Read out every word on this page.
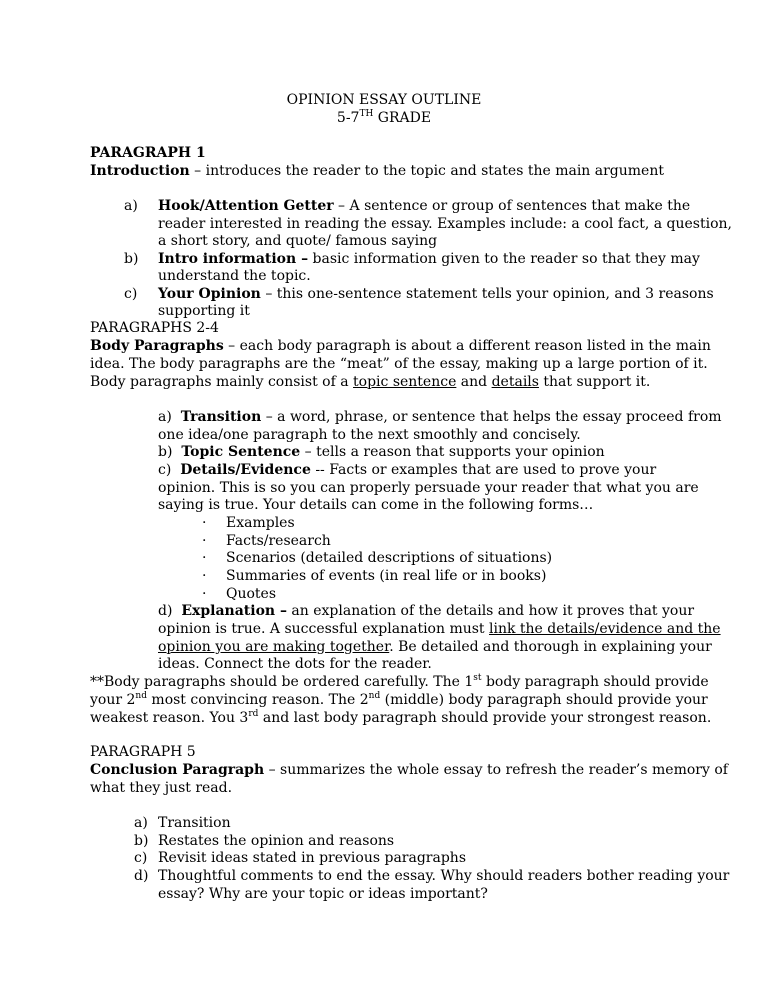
OPINION ESSAY OUTLINE
5-7TH GRADE
PARAGRAPH 1
Introduction – introduces the reader to the topic and states the main argument
a) Hook/Attention Getter – A sentence or group of sentences that make the
reader interested in reading the essay. Examples include: a cool fact, a question,
a short story, and quote/ famous saying
b) Intro information – basic information given to the reader so that they may
understand the topic.
c) Your Opinion – this one-sentence statement tells your opinion, and 3 reasons
supporting it
PARAGRAPHS 2-4
Body Paragraphs – each body paragraph is about a different reason listed in the main
idea. The body paragraphs are the “meat” of the essay, making up a large portion of it.
Body paragraphs mainly consist of a topic sentence and details that support it.
a) Transition – a word, phrase, or sentence that helps the essay proceed from
one idea/one paragraph to the next smoothly and concisely.
b) Topic Sentence – tells a reason that supports your opinion
c) Details/Evidence -- Facts or examples that are used to prove your
opinion. This is so you can properly persuade your reader that what you are
saying is true. Your details can come in the following forms…
· Examples
· Facts/research
· Scenarios (detailed descriptions of situations)
· Summaries of events (in real life or in books)
· Quotes
d) Explanation – an explanation of the details and how it proves that your
opinion is true. A successful explanation must link the details/evidence and the
opinion you are making together. Be detailed and thorough in explaining your
ideas. Connect the dots for the reader.
**Body paragraphs should be ordered carefully. The 1st body paragraph should provide
your 2nd most convincing reason. The 2nd (middle) body paragraph should provide your
weakest reason. You 3rd and last body paragraph should provide your strongest reason.
PARAGRAPH 5
Conclusion Paragraph – summarizes the whole essay to refresh the reader’s memory of
what they just read.
a) Transition
b) Restates the opinion and reasons
c) Revisit ideas stated in previous paragraphs
d) Thoughtful comments to end the essay. Why should readers bother reading your
essay? Why are your topic or ideas important?
